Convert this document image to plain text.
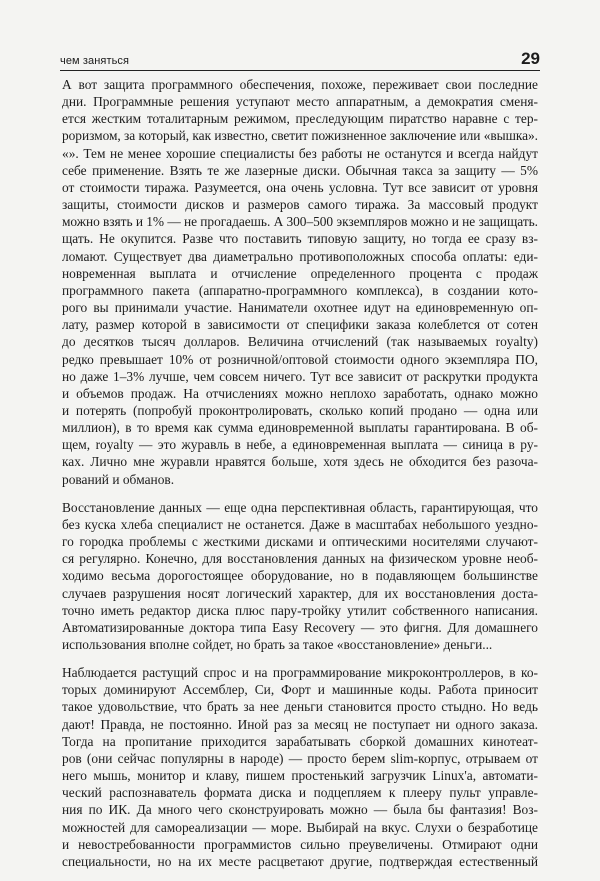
чем заняться	29

А вот защита программного обеспечения, похоже, переживает свои последние
дни. Программные решения уступают место аппаратным, а демократия сменя-
ется жестким тоталитарным режимом, преследующим пиратство наравне с тер-
роризмом, за который, как известно, светит пожизненное заключение или «вышка».
«». Тем не менее хорошие специалисты без работы не останутся и всегда найдут
себе применение. Взять те же лазерные диски. Обычная такса за защиту — 5%
от стоимости тиража. Разумеется, она очень условна. Тут все зависит от уровня
защиты, стоимости дисков и размеров самого тиража. За массовый продукт
можно взять и 1% — не прогадаешь. А 300–500 экземпляров можно и не защищать.
щать. Не окупится. Разве что поставить типовую защиту, но тогда ее сразу вз-
ломают. Существует два диаметрально противоположных способа оплаты: еди-
новременная выплата и отчисление определенного процента с продаж
программного пакета (аппаратно-программного комплекса), в создании кото-
рого вы принимали участие. Наниматели охотнее идут на единовременную оп-
лату, размер которой в зависимости от специфики заказа колеблется от сотен
до десятков тысяч долларов. Величина отчислений (так называемых royalty)
редко превышает 10% от розничной/оптовой стоимости одного экземпляра ПО,
но даже 1–3% лучше, чем совсем ничего. Тут все зависит от раскрутки продукта
и объемов продаж. На отчислениях можно неплохо заработать, однако можно
и потерять (попробуй проконтролировать, сколько копий продано — одна или
миллион), в то время как сумма единовременной выплаты гарантирована. В об-
щем, royalty — это журавль в небе, а единовременная выплата — синица в ру-
ках. Лично мне журавли нравятся больше, хотя здесь не обходится без разоча-
рований и обманов.

Восстановление данных — еще одна перспективная область, гарантирующая, что
без куска хлеба специалист не останется. Даже в масштабах небольшого уездно-
го городка проблемы с жесткими дисками и оптическими носителями случают-
ся регулярно. Конечно, для восстановления данных на физическом уровне необ-
ходимо весьма дорогостоящее оборудование, но в подавляющем большинстве
случаев разрушения носят логический характер, для их восстановления доста-
точно иметь редактор диска плюс пару-тройку утилит собственного написания.
Автоматизированные доктора типа Easy Recovery — это фигня. Для домашнего
использования вполне сойдет, но брать за такое «восстановление» деньги...

Наблюдается растущий спрос и на программирование микроконтроллеров, в ко-
торых доминируют Ассемблер, Си, Форт и машинные коды. Работа приносит
такое удовольствие, что брать за нее деньги становится просто стыдно. Но ведь
дают! Правда, не постоянно. Иной раз за месяц не поступает ни одного заказа.
Тогда на пропитание приходится зарабатывать сборкой домашних кинотеат-
ров (они сейчас популярны в народе) — просто берем slim-корпус, отрываем от
него мышь, монитор и клаву, пишем простенький загрузчик Linux'а, автомати-
ческий распознаватель формата диска и подцепляем к плееру пульт управле-
ния по ИК. Да много чего сконструировать можно — была бы фантазия! Воз-
можностей для самореализации — море. Выбирай на вкус. Слухи о безработице
и невостребованности программистов сильно преувеличены. Отмирают одни
специальности, но на их месте расцветают другие, подтверждая естественный
